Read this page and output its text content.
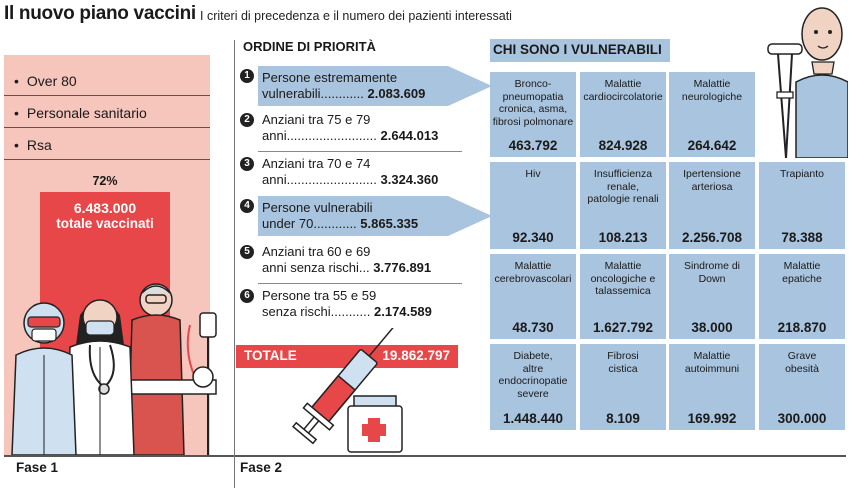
Il nuovo piano vaccini I criteri di precedenza e il numero dei pazienti interessati
• Over 80
• Personale sanitario
• Rsa
72%
6.483.000
totale vaccinati
Fase 1	Fase 2
ORDINE DI PRIORITÀ
1 Persone estremamente
vulnerabili............ 2.083.609
2 Anziani tra 75 e 79
anni......................... 2.644.013
3 Anziani tra 70 e 74
anni......................... 3.324.360
4 Persone vulnerabili
under 70............ 5.865.335
5 Anziani tra 60 e 69
anni senza rischi... 3.776.891
6 Persone tra 55 e 59
senza rischi........... 2.174.589
TOTALE	19.862.797
CHI SONO I VULNERABILI
Bronco-
pneumopatia
cronica, asma,
fibrosi polmonare
463.792
Malattie
cardiocircolatorie
824.928
Malattie
neurologiche
264.642
Hiv
92.340
Insufficienza
renale,
patologie renali
108.213
Ipertensione
arteriosa
2.256.708
Trapianto
78.388
Malattie
cerebrovascolari
48.730
Malattie
oncologiche e
talassemica
1.627.792
Sindrome di
Down
38.000
Malattie
epatiche
218.870
Diabete,
altre
endocrinopatie
severe
1.448.440
Fibrosi
cistica
8.109
Malattie
autoimmuni
169.992
Grave
obesità
300.000
